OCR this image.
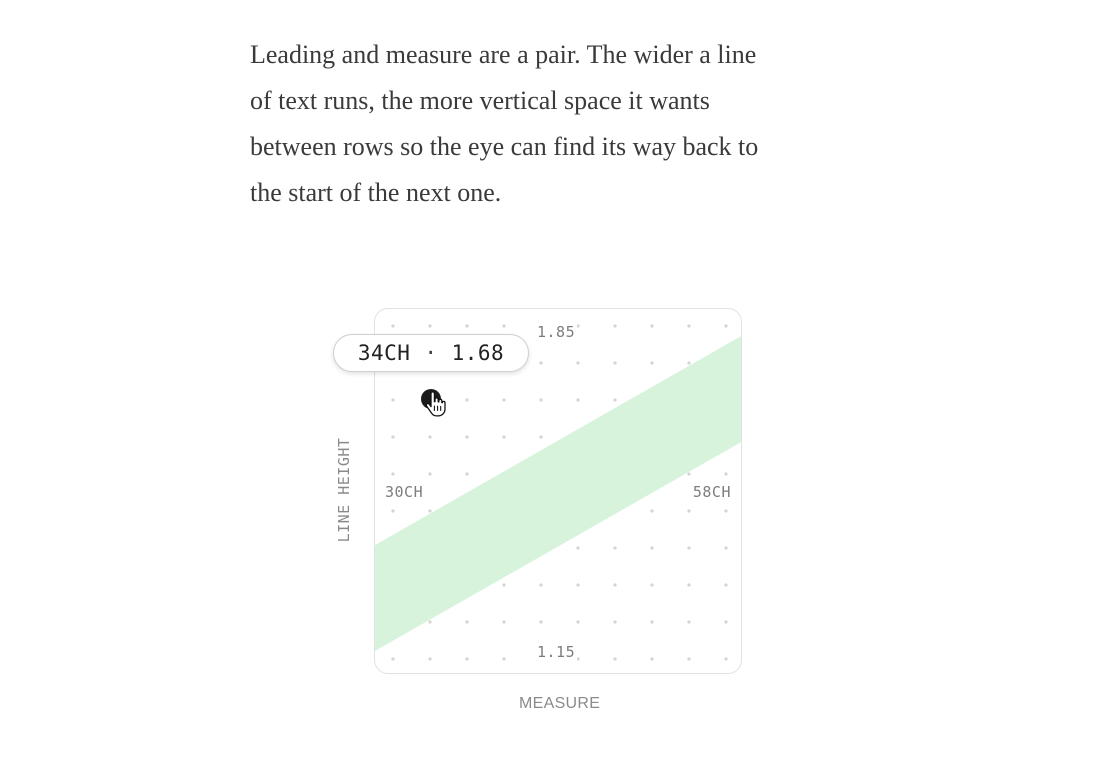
Leading and measure are a pair. The wider a line
of text runs, the more vertical space it wants
between rows so the eye can find its way back to
the start of the next one.

1.85
1.15
30CH	58CH
MEASURE
LINE HEIGHT
34CH · 1.68
